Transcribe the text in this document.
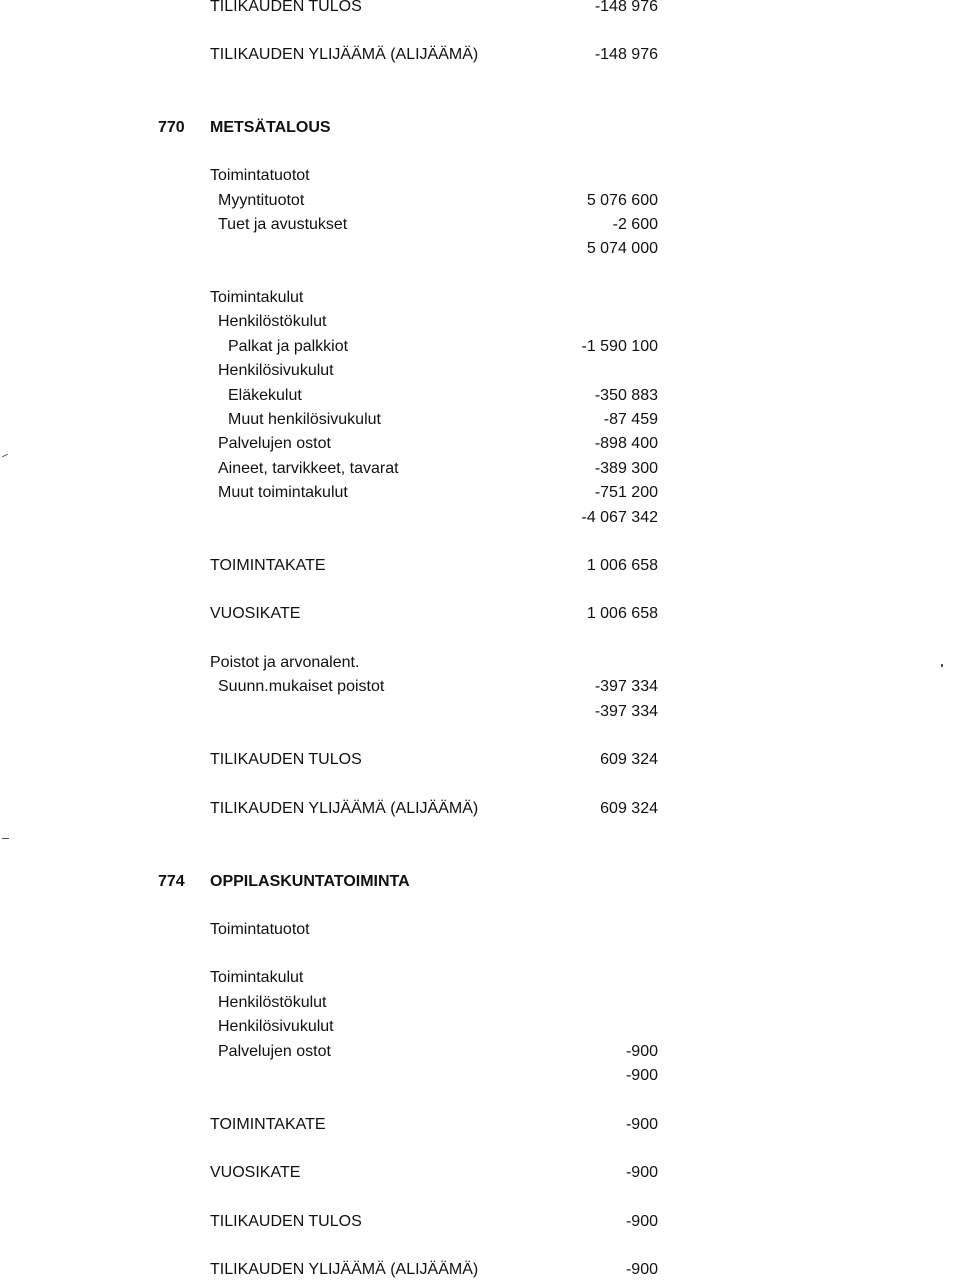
TILIKAUDEN TULOS	-148 976
TILIKAUDEN YLIJÄÄMÄ (ALIJÄÄMÄ)	-148 976
770 METSÄTALOUS
Toimintatuotot
Myyntituotot	5 076 600
Tuet ja avustukset	-2 600
5 074 000
Toimintakulut
Henkilöstökulut
Palkat ja palkkiot	-1 590 100
Henkilösivukulut
Eläkekulut	-350 883
Muut henkilösivukulut	-87 459
Palvelujen ostot	-898 400
Aineet, tarvikkeet, tavarat	-389 300
Muut toimintakulut	-751 200
-4 067 342
TOIMINTAKATE	1 006 658
VUOSIKATE	1 006 658
Poistot ja arvonalent.
Suunn.mukaiset poistot	-397 334
-397 334
TILIKAUDEN TULOS	609 324
TILIKAUDEN YLIJÄÄMÄ (ALIJÄÄMÄ)	609 324
774 OPPILASKUNTATOIMINTA
Toimintatuotot
Toimintakulut
Henkilöstökulut
Henkilösivukulut
Palvelujen ostot	-900
-900
TOIMINTAKATE	-900
VUOSIKATE	-900
TILIKAUDEN TULOS	-900
TILIKAUDEN YLIJÄÄMÄ (ALIJÄÄMÄ)	-900
